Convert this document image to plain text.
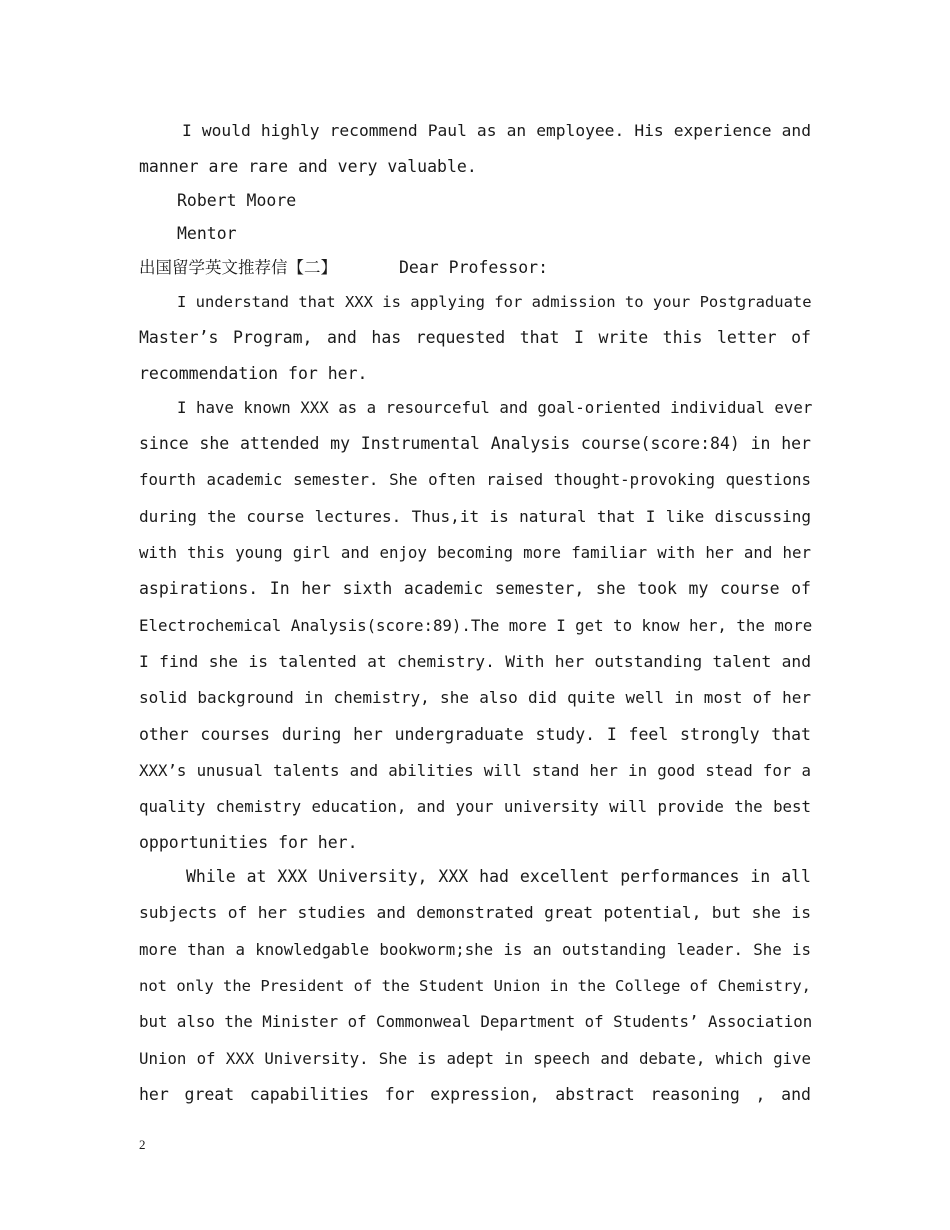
I would highly recommend Paul as an employee. His experience and
manner are rare and very valuable.
Robert Moore
Mentor
出国留学英文推荐信【二】	Dear Professor:
I understand that XXX is applying for admission to your Postgraduate
Master’s Program, and has requested that I write this letter of
recommendation for her.
I have known XXX as a resourceful and goal-oriented individual ever
since she attended my Instrumental Analysis course(score:84) in her
fourth academic semester. She often raised thought-provoking questions
during the course lectures. Thus,it is natural that I like discussing
with this young girl and enjoy becoming more familiar with her and her
aspirations. In her sixth academic semester, she took my course of
Electrochemical Analysis(score:89).The more I get to know her, the more
I find she is talented at chemistry. With her outstanding talent and
solid background in chemistry, she also did quite well in most of her
other courses during her undergraduate study. I feel strongly that
XXX’s unusual talents and abilities will stand her in good stead for a
quality chemistry education, and your university will provide the best
opportunities for her.
While at XXX University, XXX had excellent performances in all
subjects of her studies and demonstrated great potential, but she is
more than a knowledgable bookworm;she is an outstanding leader. She is
not only the President of the Student Union in the College of Chemistry,
but also the Minister of Commonweal Department of Students’ Association
Union of XXX University. She is adept in speech and debate, which give
her great capabilities for expression, abstract reasoning , and
2
